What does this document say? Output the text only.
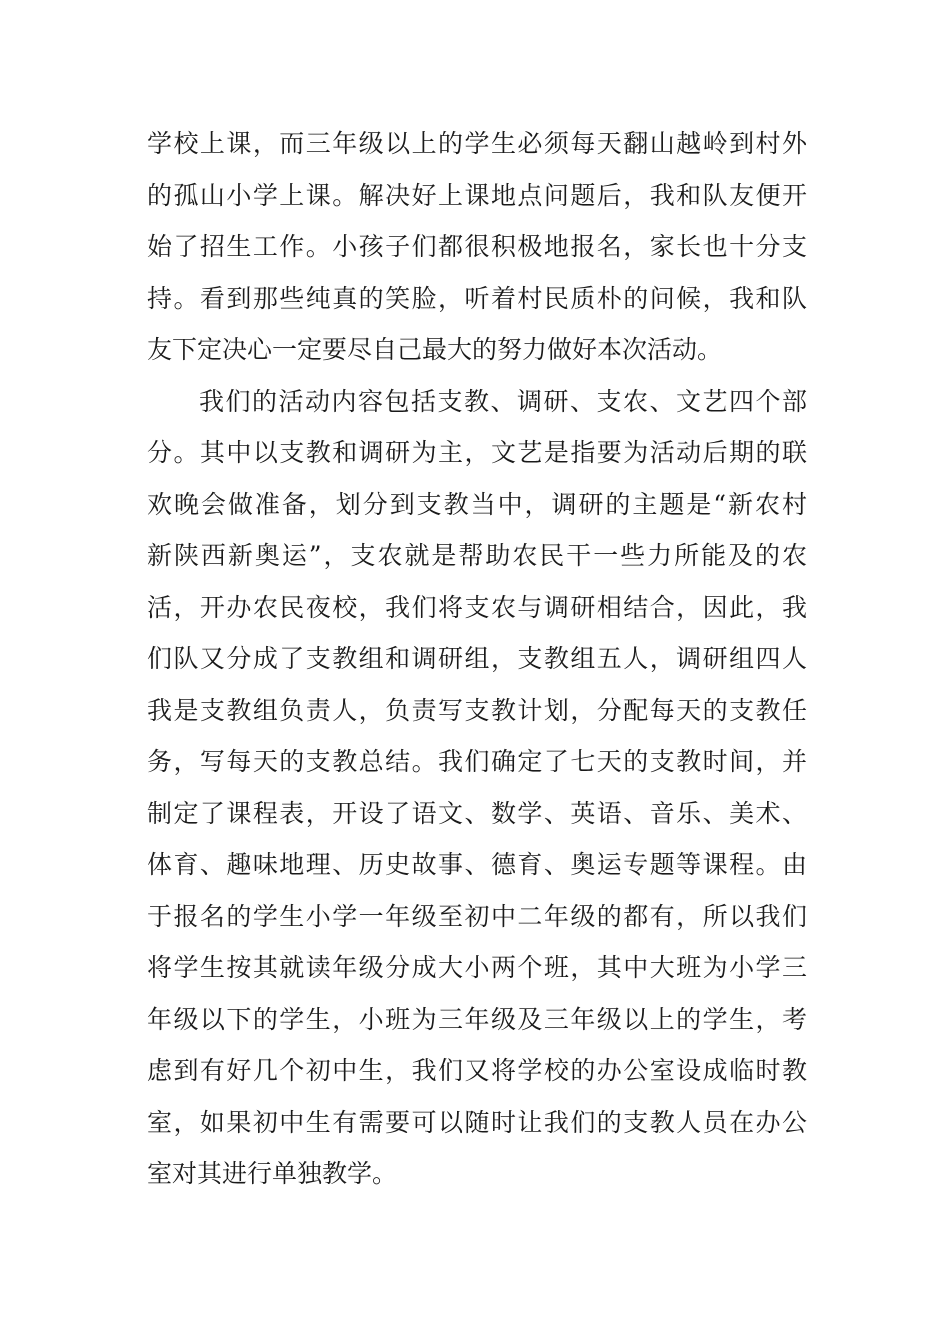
学校上课，而三年级以上的学生必须每天翻山越岭到村外
的孤山小学上课。解决好上课地点问题后，我和队友便开
始了招生工作。小孩子们都很积极地报名，家长也十分支
持。看到那些纯真的笑脸，听着村民质朴的问候，我和队
友下定决心一定要尽自己最大的努力做好本次活动。
我们的活动内容包括支教、调研、支农、文艺四个部
分。其中以支教和调研为主，文艺是指要为活动后期的联
欢晚会做准备，划分到支教当中，调研的主题是“新农村
新陕西新奥运”，支农就是帮助农民干一些力所能及的农
活，开办农民夜校，我们将支农与调研相结合，因此，我
们队又分成了支教组和调研组，支教组五人，调研组四人
我是支教组负责人，负责写支教计划，分配每天的支教任
务，写每天的支教总结。我们确定了七天的支教时间，并
制定了课程表，开设了语文、数学、英语、音乐、美术、
体育、趣味地理、历史故事、德育、奥运专题等课程。由
于报名的学生小学一年级至初中二年级的都有，所以我们
将学生按其就读年级分成大小两个班，其中大班为小学三
年级以下的学生，小班为三年级及三年级以上的学生，考
虑到有好几个初中生，我们又将学校的办公室设成临时教
室，如果初中生有需要可以随时让我们的支教人员在办公
室对其进行单独教学。
